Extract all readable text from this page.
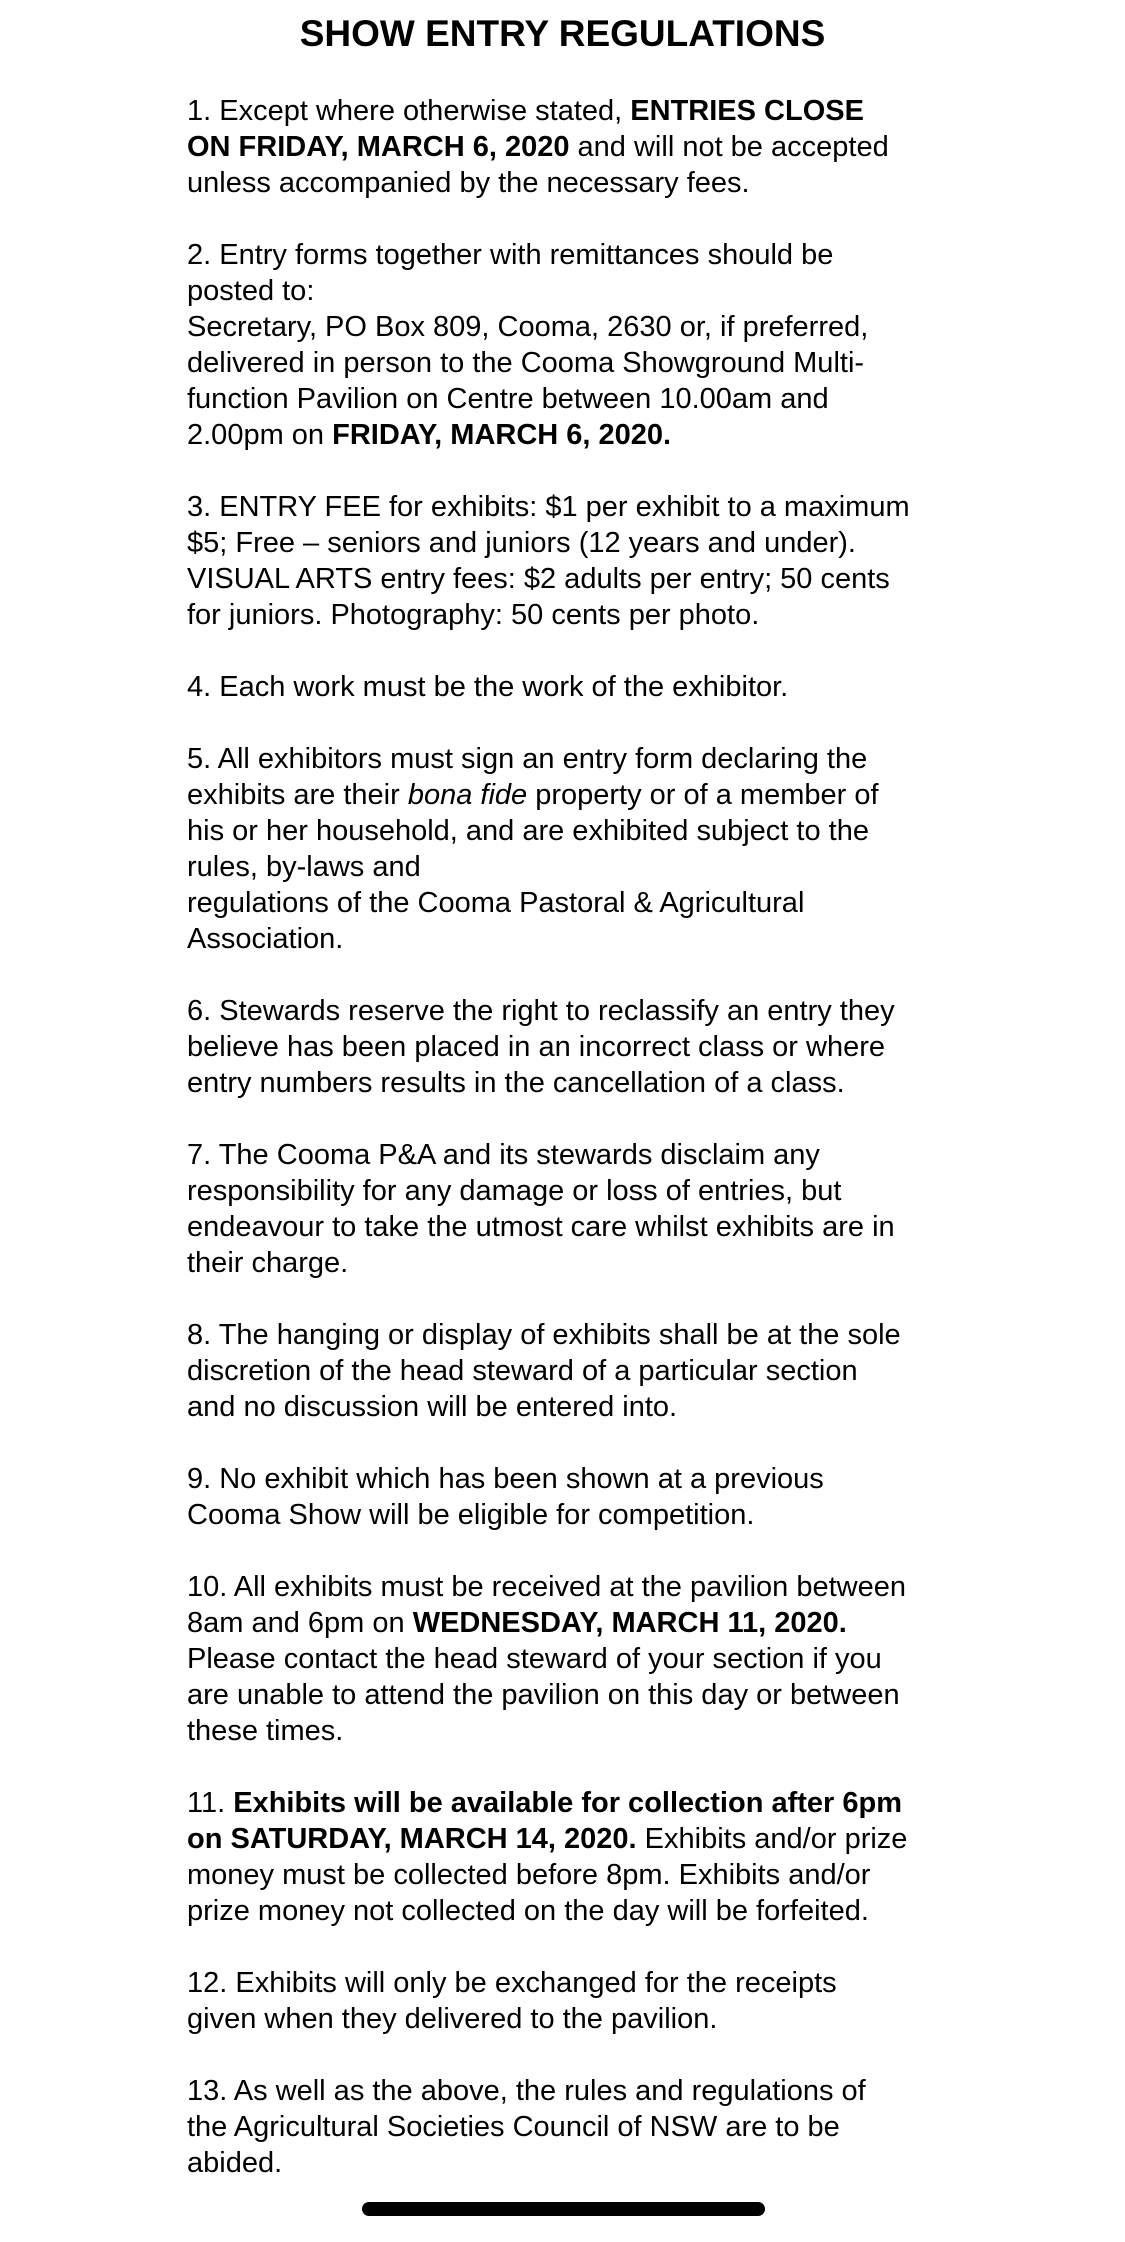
SHOW ENTRY REGULATIONS
1. Except where otherwise stated, ENTRIES CLOSE
ON FRIDAY, MARCH 6, 2020 and will not be accepted
unless accompanied by the necessary fees.
2. Entry forms together with remittances should be
posted to:
Secretary, PO Box 809, Cooma, 2630 or, if preferred,
delivered in person to the Cooma Showground Multi-
function Pavilion on Centre between 10.00am and
2.00pm on FRIDAY, MARCH 6, 2020.
3. ENTRY FEE for exhibits: $1 per exhibit to a maximum
$5; Free – seniors and juniors (12 years and under).
VISUAL ARTS entry fees: $2 adults per entry; 50 cents
for juniors. Photography: 50 cents per photo.
4. Each work must be the work of the exhibitor.
5. All exhibitors must sign an entry form declaring the
exhibits are their bona fide property or of a member of
his or her household, and are exhibited subject to the
rules, by-laws and
regulations of the Cooma Pastoral & Agricultural
Association.
6. Stewards reserve the right to reclassify an entry they
believe has been placed in an incorrect class or where
entry numbers results in the cancellation of a class.
7. The Cooma P&A and its stewards disclaim any
responsibility for any damage or loss of entries, but
endeavour to take the utmost care whilst exhibits are in
their charge.
8. The hanging or display of exhibits shall be at the sole
discretion of the head steward of a particular section
and no discussion will be entered into.
9. No exhibit which has been shown at a previous
Cooma Show will be eligible for competition.
10. All exhibits must be received at the pavilion between
8am and 6pm on WEDNESDAY, MARCH 11, 2020.
Please contact the head steward of your section if you
are unable to attend the pavilion on this day or between
these times.
11. Exhibits will be available for collection after 6pm
on SATURDAY, MARCH 14, 2020. Exhibits and/or prize
money must be collected before 8pm. Exhibits and/or
prize money not collected on the day will be forfeited.
12. Exhibits will only be exchanged for the receipts
given when they delivered to the pavilion.
13. As well as the above, the rules and regulations of
the Agricultural Societies Council of NSW are to be
abided.
